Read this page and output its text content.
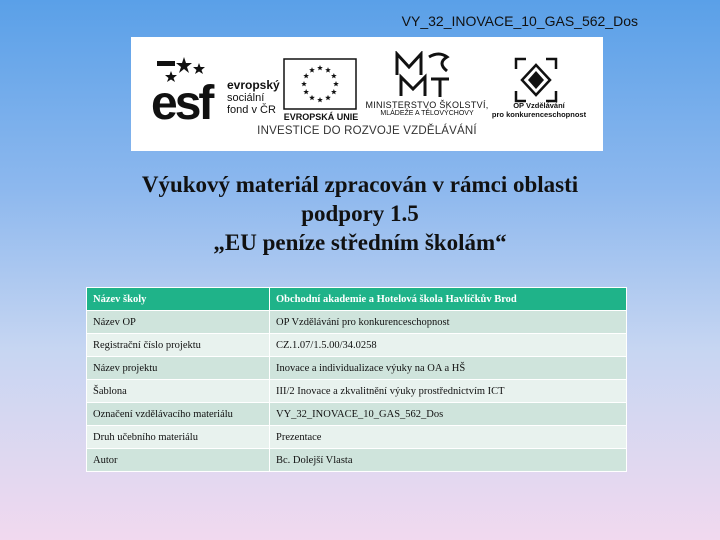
VY_32_INOVACE_10_GAS_562_Dos
esf	evropský
sociální
fond v ČR
EVROPSKÁ UNIE
MINISTERSTVO ŠKOLSTVÍ,
MLÁDEŽE A TĚLOVÝCHOVY
OP Vzdělávání
pro konkurenceschopnost
INVESTICE DO ROZVOJE VZDĚLÁVÁNÍ
Výukový materiál zpracován v rámci oblasti
podpory 1.5
„EU peníze středním školám“
Název školy	Obchodní akademie a Hotelová škola Havlíčkův Brod
Název OP	OP Vzdělávání pro konkurenceschopnost
Registrační číslo projektu	CZ.1.07/1.5.00/34.0258
Název projektu	Inovace a individualizace výuky na OA a HŠ
Šablona	III/2 Inovace a zkvalitnění výuky prostřednictvím ICT
Označení vzdělávacího materiálu	VY_32_INOVACE_10_GAS_562_Dos
Druh učebního materiálu	Prezentace
Autor	Bc. Dolejší Vlasta
